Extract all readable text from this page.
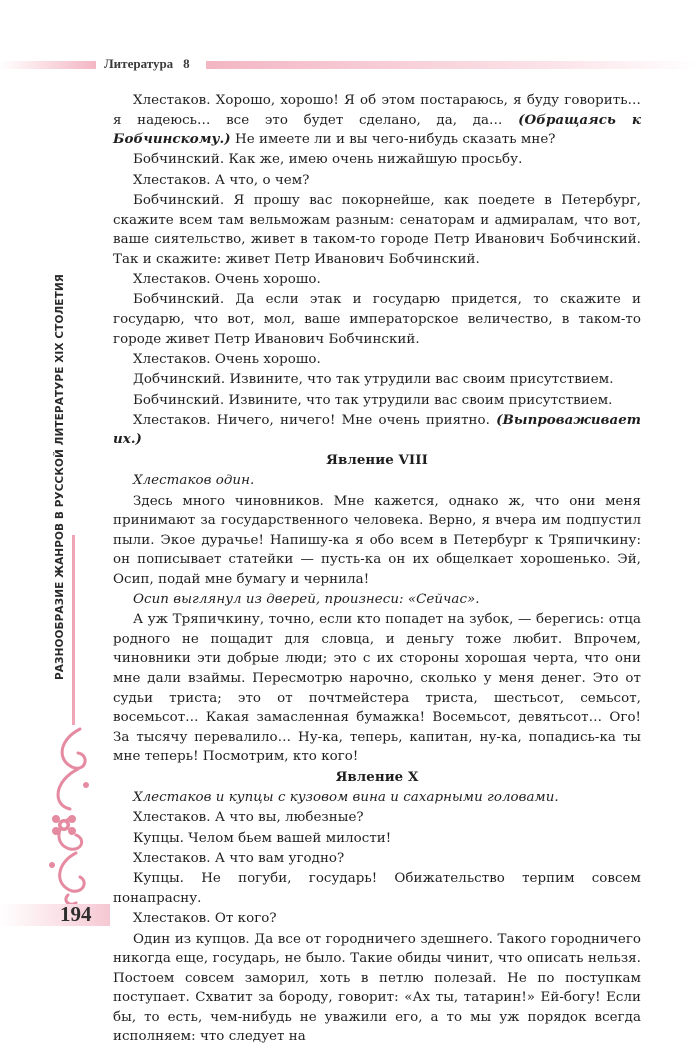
Литература 8
РАЗНООБРАЗИЕ ЖАНРОВ В РУССКОЙ ЛИТЕРАТУРЕ XIX СТОЛЕТИЯ
194
Хлестаков. Хорошо, хорошо! Я об этом постараюсь, я буду говорить… я надеюсь… все это будет сделано, да, да… (Обращаясь к Бобчинскому.) Не имеете ли и вы чего-нибудь сказать мне?
Бобчинский. Как же, имею очень нижайшую просьбу.
Хлестаков. А что, о чем?
Бобчинский. Я прошу вас покорнейше, как поедете в Петербург, скажите всем там вельможам разным: сенаторам и адмиралам, что вот, ваше сиятельство, живет в таком-то городе Петр Иванович Бобчинский. Так и скажите: живет Петр Иванович Бобчинский.
Хлестаков. Очень хорошо.
Бобчинский. Да если этак и государю придется, то скажите и государю, что вот, мол, ваше императорское величество, в таком-то городе живет Петр Иванович Бобчинский.
Хлестаков. Очень хорошо.
Добчинский. Извините, что так утрудили вас своим присутствием.
Бобчинский. Извините, что так утрудили вас своим присутствием.
Хлестаков. Ничего, ничего! Мне очень приятно. (Выпроваживает их.)
Явление VIII
Хлестаков один.
Здесь много чиновников. Мне кажется, однако ж, что они меня принимают за государственного человека. Верно, я вчера им подпустил пыли. Экое дурачье! Напишу-ка я обо всем в Петербург к Тряпичкину: он пописывает статейки — пусть-ка он их общелкает хорошенько. Эй, Осип, подай мне бумагу и чернила!
Осип выглянул из дверей, произнеси: «Сейчас».
А уж Тряпичкину, точно, если кто попадет на зубок, — берегись: отца родного не пощадит для словца, и деньгу тоже любит. Впрочем, чиновники эти добрые люди; это с их стороны хорошая черта, что они мне дали взаймы. Пересмотрю нарочно, сколько у меня денег. Это от судьи триста; это от почтмейстера триста, шестьсот, семьсот, восемьсот… Какая замасленная бумажка! Восемьсот, девятьсот… Ого! За тысячу перевалило… Ну-ка, теперь, капитан, ну-ка, попадись-ка ты мне теперь! Посмотрим, кто кого!
Явление X
Хлестаков и купцы с кузовом вина и сахарными головами.
Хлестаков. А что вы, любезные?
Купцы. Челом бьем вашей милости!
Хлестаков. А что вам угодно?
Купцы. Не погуби, государь! Обижательство терпим совсем понапрасну.
Хлестаков. От кого?
Один из купцов. Да все от городничего здешнего. Такого городничего никогда еще, государь, не было. Такие обиды чинит, что описать нельзя. Постоем совсем заморил, хоть в петлю полезай. Не по поступкам поступает. Схватит за бороду, говорит: «Ах ты, татарин!» Ей-богу! Если бы, то есть, чем-нибудь не уважили его, а то мы уж порядок всегда исполняем: что следует на
